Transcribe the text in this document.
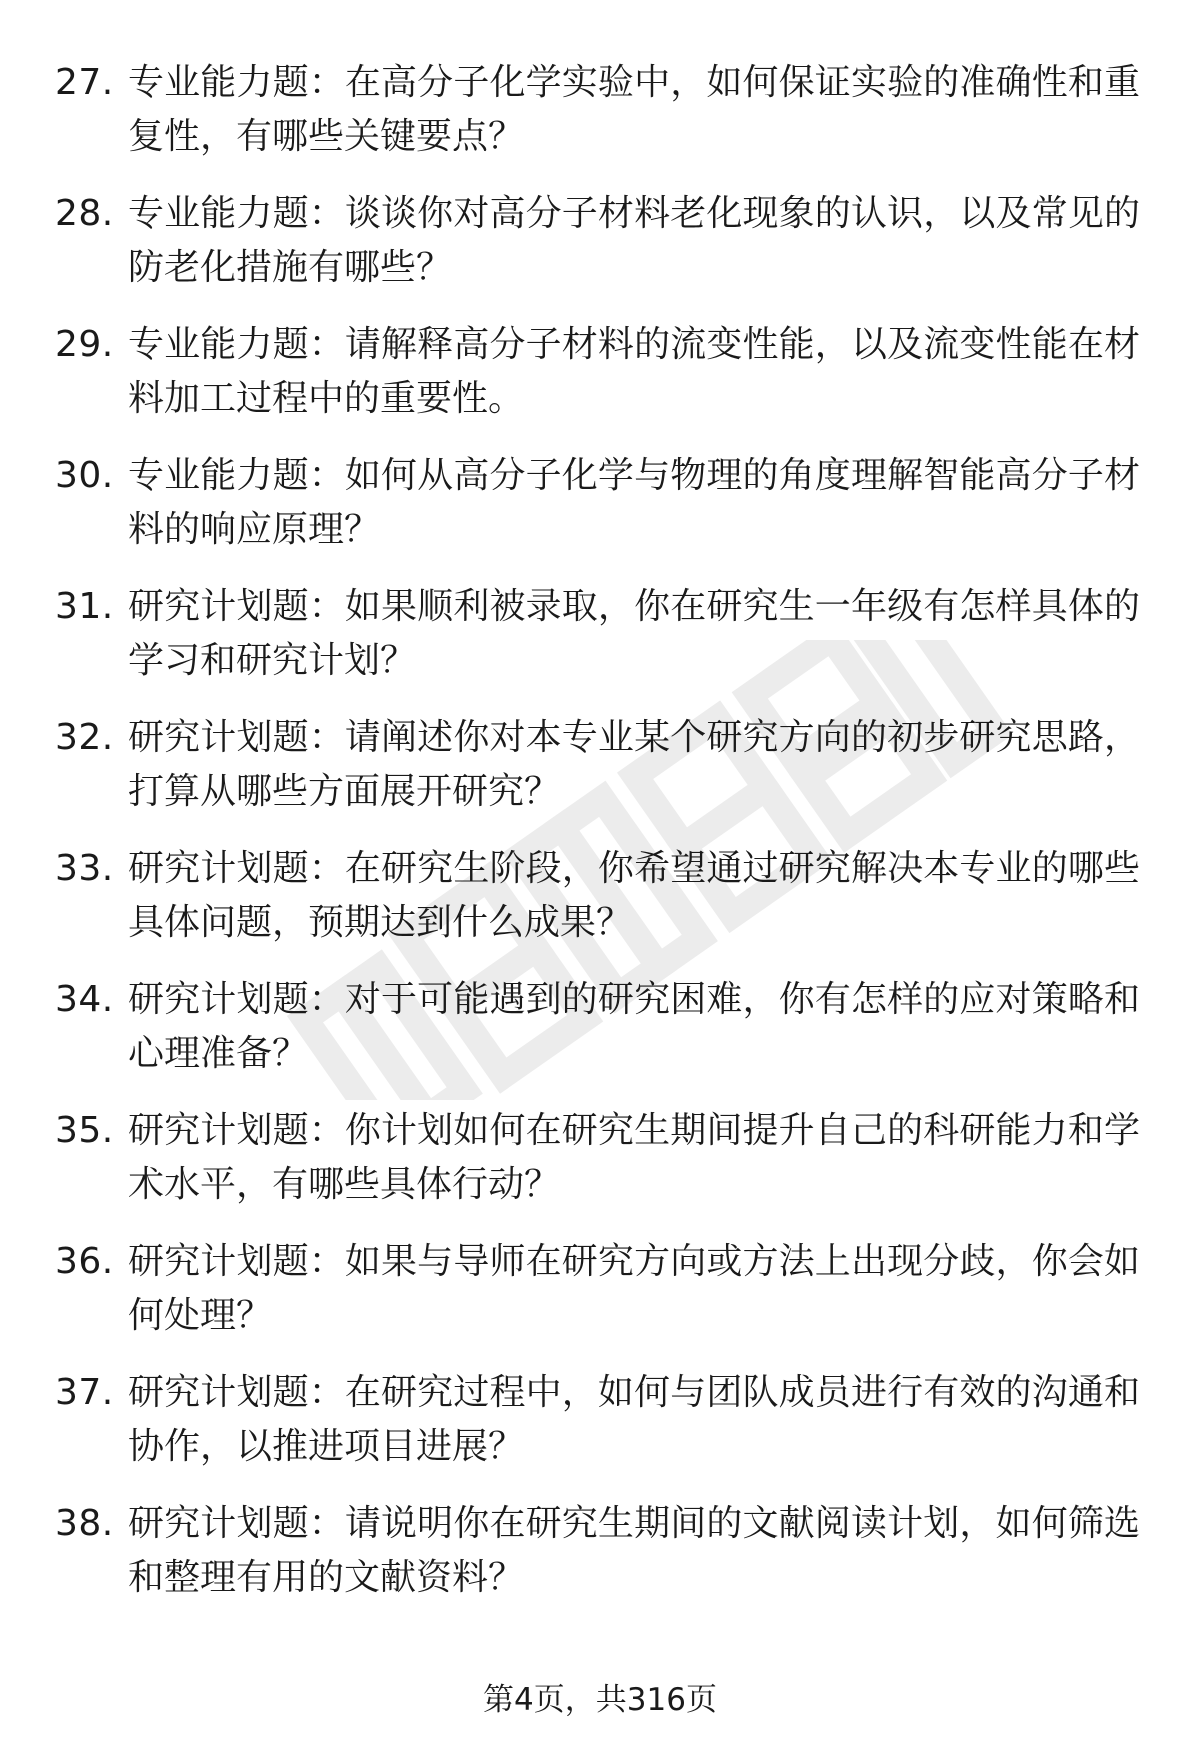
27. 专业能力题：在高分子化学实验中，如何保证实验的准确性和重复性，有哪些关键要点？
28. 专业能力题：谈谈你对高分子材料老化现象的认识，以及常见的防老化措施有哪些？
29. 专业能力题：请解释高分子材料的流变性能，以及流变性能在材料加工过程中的重要性。
30. 专业能力题：如何从高分子化学与物理的角度理解智能高分子材料的响应原理？
31. 研究计划题：如果顺利被录取，你在研究生一年级有怎样具体的学习和研究计划？
32. 研究计划题：请阐述你对本专业某个研究方向的初步研究思路，打算从哪些方面展开研究？
33. 研究计划题：在研究生阶段，你希望通过研究解决本专业的哪些具体问题，预期达到什么成果？
34. 研究计划题：对于可能遇到的研究困难，你有怎样的应对策略和心理准备？
35. 研究计划题：你计划如何在研究生期间提升自己的科研能力和学术水平，有哪些具体行动？
36. 研究计划题：如果与导师在研究方向或方法上出现分歧，你会如何处理？
37. 研究计划题：在研究过程中，如何与团队成员进行有效的沟通和协作，以推进项目进展？
38. 研究计划题：请说明你在研究生期间的文献阅读计划，如何筛选和整理有用的文献资料？
第4页，共316页
